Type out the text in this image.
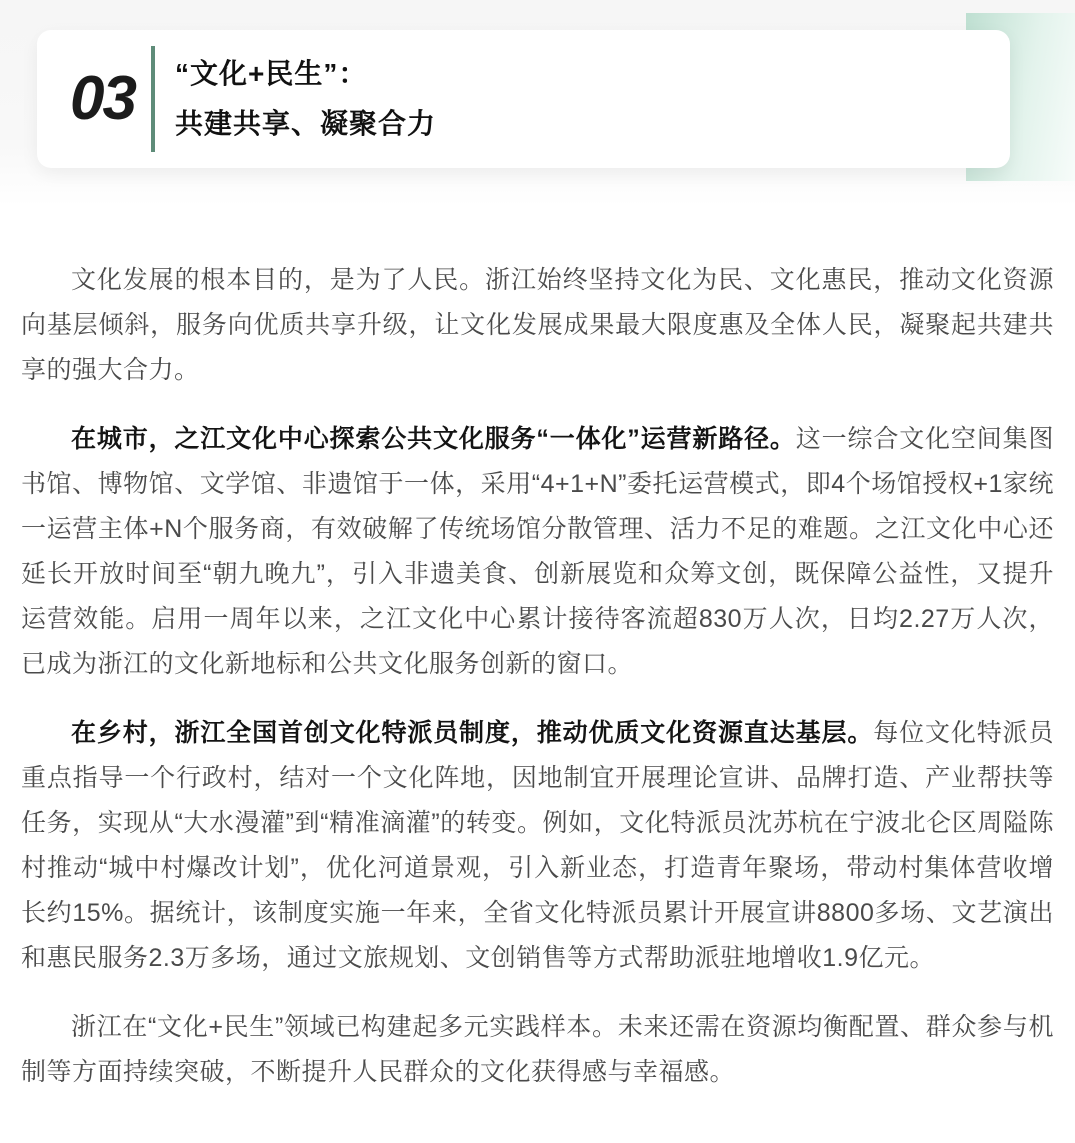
03	“文化+民生”：
共建共享、凝聚合力

文化发展的根本目的，是为了人民。浙江始终坚持文化为民、文化惠民，推动文化资源向基层倾斜，服务向优质共享升级，让文化发展成果最大限度惠及全体人民，凝聚起共建共享的强大合力。

在城市，之江文化中心探索公共文化服务“一体化”运营新路径。这一综合文化空间集图书馆、博物馆、文学馆、非遗馆于一体，采用“4+1+N”委托运营模式，即4个场馆授权+1家统一运营主体+N个服务商，有效破解了传统场馆分散管理、活力不足的难题。之江文化中心还延长开放时间至“朝九晚九”，引入非遗美食、创新展览和众筹文创，既保障公益性，又提升运营效能。启用一周年以来，之江文化中心累计接待客流超830万人次，日均2.27万人次，已成为浙江的文化新地标和公共文化服务创新的窗口。

在乡村，浙江全国首创文化特派员制度，推动优质文化资源直达基层。每位文化特派员重点指导一个行政村，结对一个文化阵地，因地制宜开展理论宣讲、品牌打造、产业帮扶等任务，实现从“大水漫灌”到“精准滴灌”的转变。例如，文化特派员沈苏杭在宁波北仑区周隘陈村推动“城中村爆改计划”，优化河道景观，引入新业态，打造青年聚场，带动村集体营收增长约15%。据统计，该制度实施一年来，全省文化特派员累计开展宣讲8800多场、文艺演出和惠民服务2.3万多场，通过文旅规划、文创销售等方式帮助派驻地增收1.9亿元。

浙江在“文化+民生”领域已构建起多元实践样本。未来还需在资源均衡配置、群众参与机制等方面持续突破，不断提升人民群众的文化获得感与幸福感。
